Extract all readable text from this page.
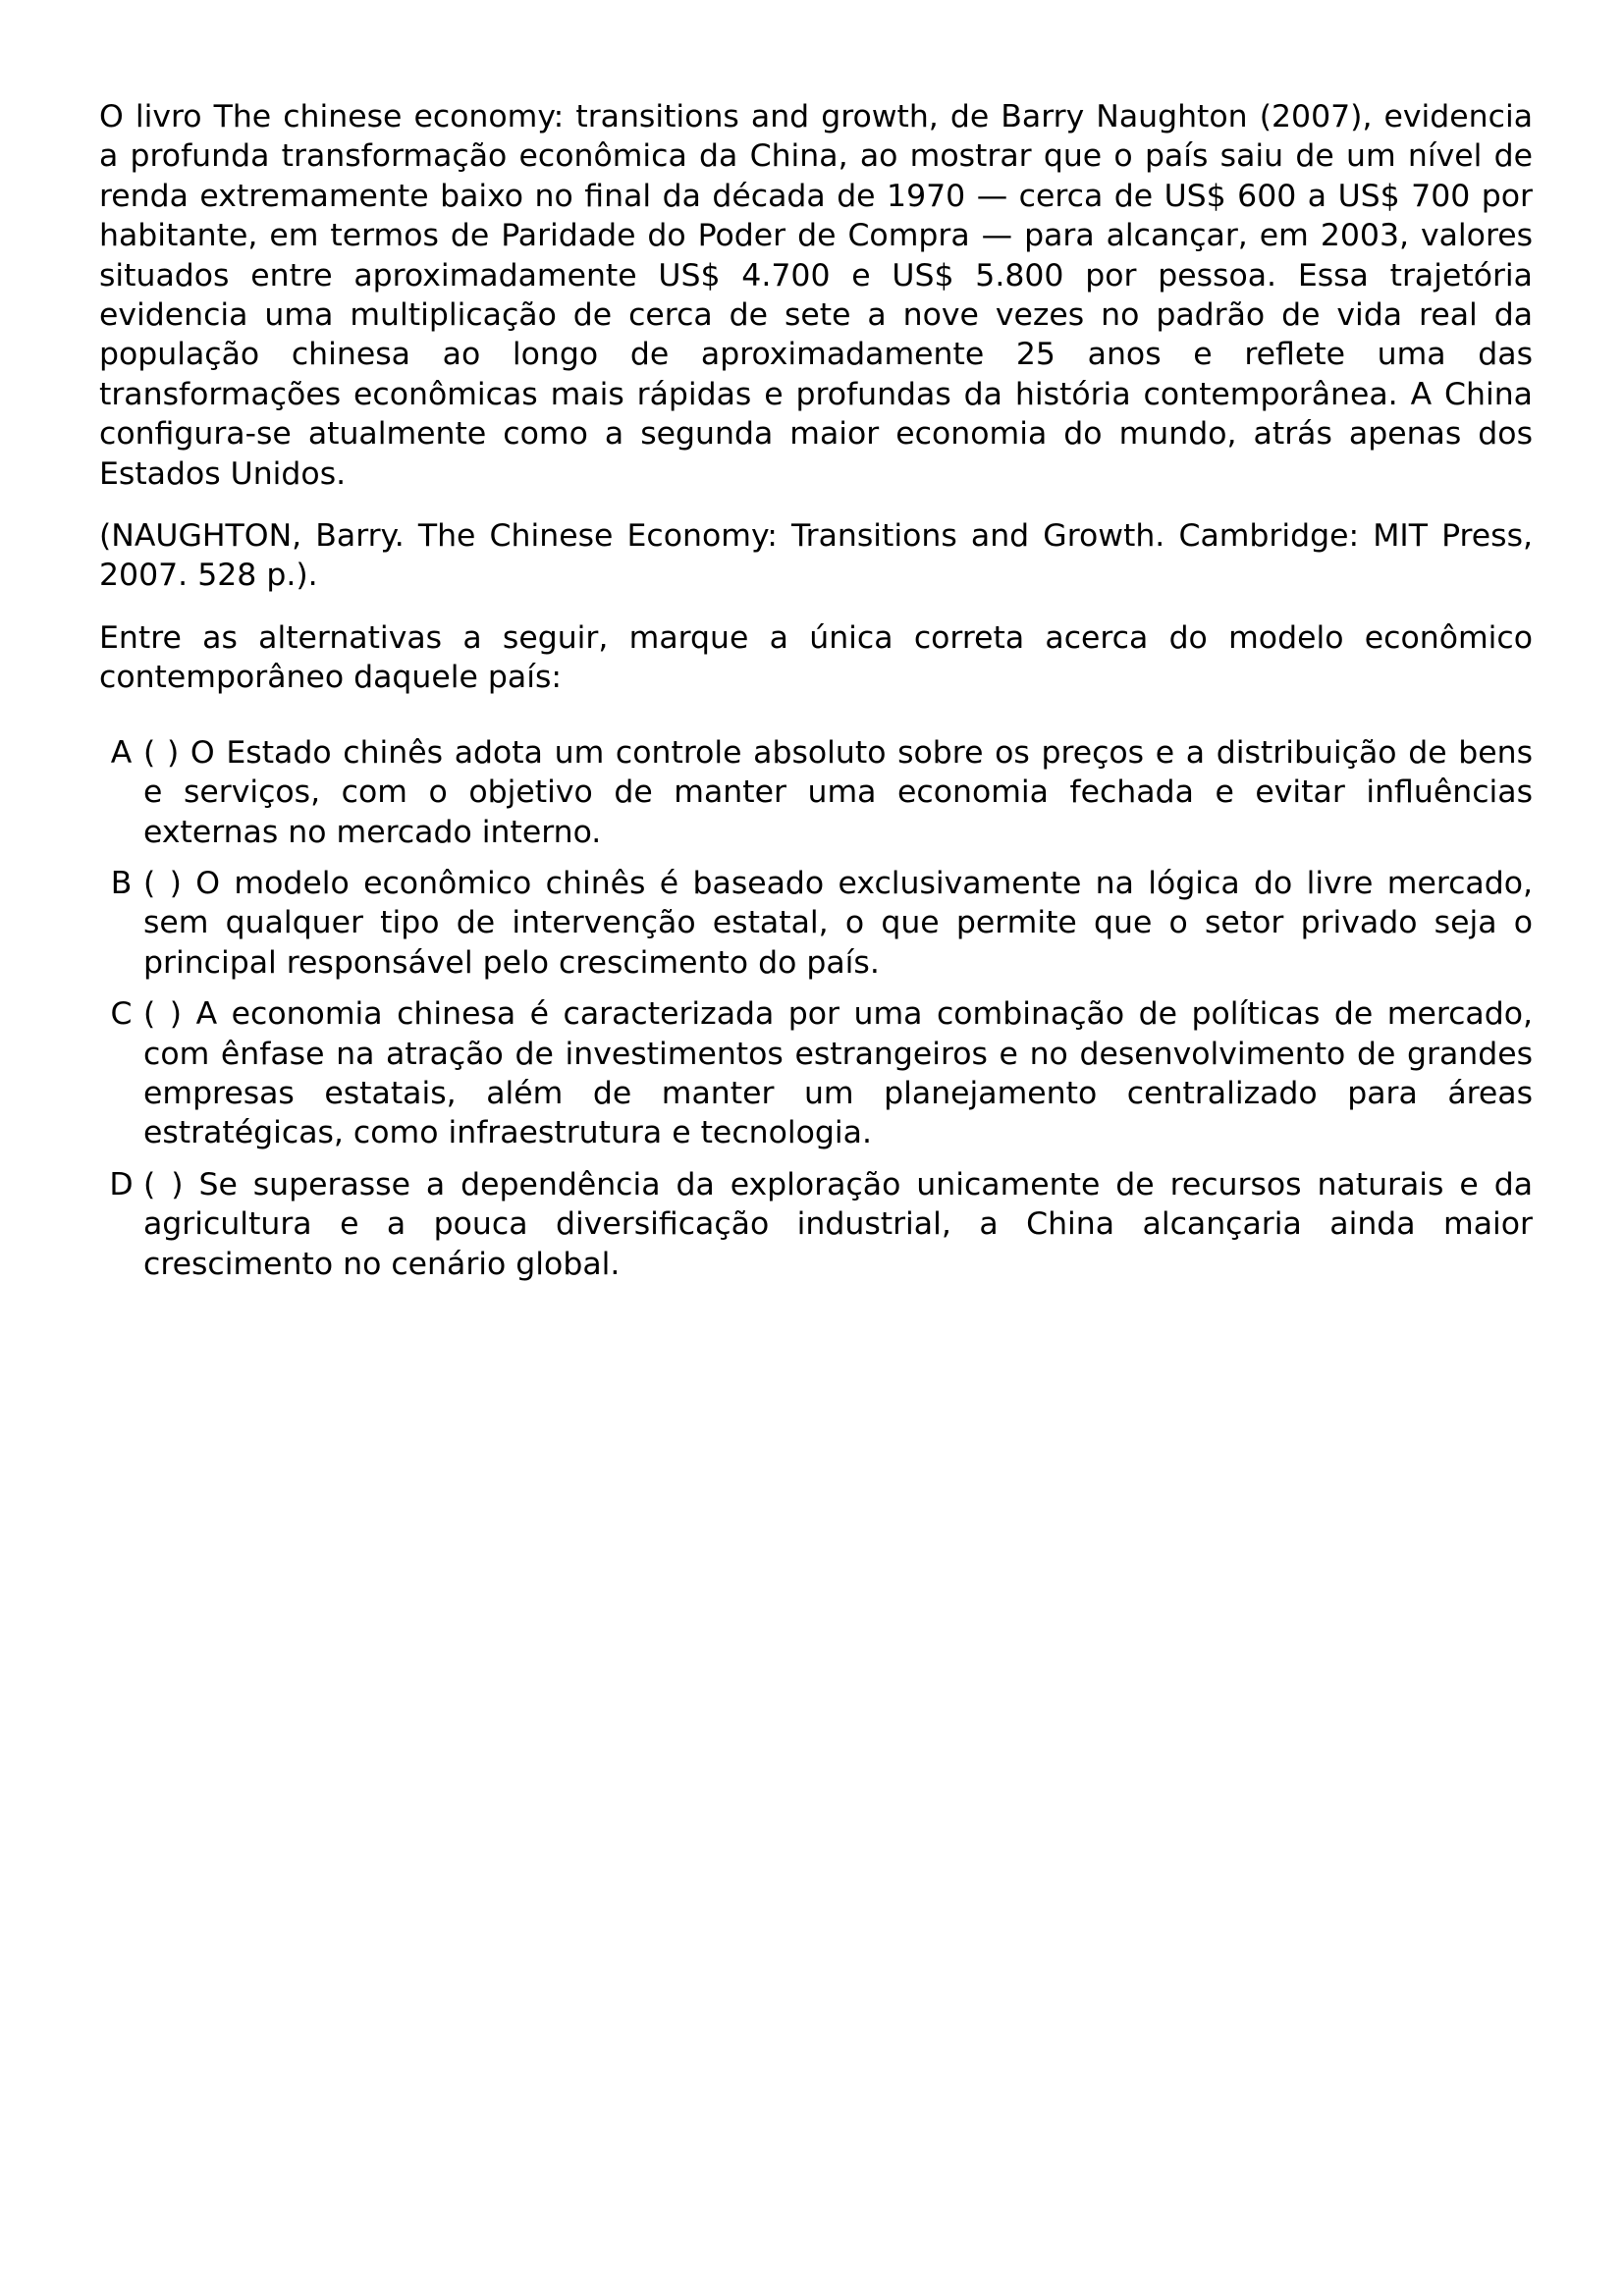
O livro The chinese economy: transitions and growth, de Barry Naughton (2007), evidencia a profunda transformação econômica da China, ao mostrar que o país saiu de um nível de renda extremamente baixo no final da década de 1970 — cerca de US$ 600 a US$ 700 por habitante, em termos de Paridade do Poder de Compra — para alcançar, em 2003, valores situados entre aproximadamente US$ 4.700 e US$ 5.800 por pessoa. Essa trajetória evidencia uma multiplicação de cerca de sete a nove vezes no padrão de vida real da população chinesa ao longo de aproximadamente 25 anos e reflete uma das transformações econômicas mais rápidas e profundas da história contemporânea. A China configura-se atualmente como a segunda maior economia do mundo, atrás apenas dos Estados Unidos.

(NAUGHTON, Barry. The Chinese Economy: Transitions and Growth. Cambridge: MIT Press, 2007. 528 p.).

Entre as alternativas a seguir, marque a única correta acerca do modelo econômico contemporâneo daquele país:

A ( ) O Estado chinês adota um controle absoluto sobre os preços e a distribuição de bens e serviços, com o objetivo de manter uma economia fechada e evitar influências externas no mercado interno.
B ( ) O modelo econômico chinês é baseado exclusivamente na lógica do livre mercado, sem qualquer tipo de intervenção estatal, o que permite que o setor privado seja o principal responsável pelo crescimento do país.
C ( ) A economia chinesa é caracterizada por uma combinação de políticas de mercado, com ênfase na atração de investimentos estrangeiros e no desenvolvimento de grandes empresas estatais, além de manter um planejamento centralizado para áreas estratégicas, como infraestrutura e tecnologia.
D ( ) Se superasse a dependência da exploração unicamente de recursos naturais e da agricultura e a pouca diversificação industrial, a China alcançaria ainda maior crescimento no cenário global.
